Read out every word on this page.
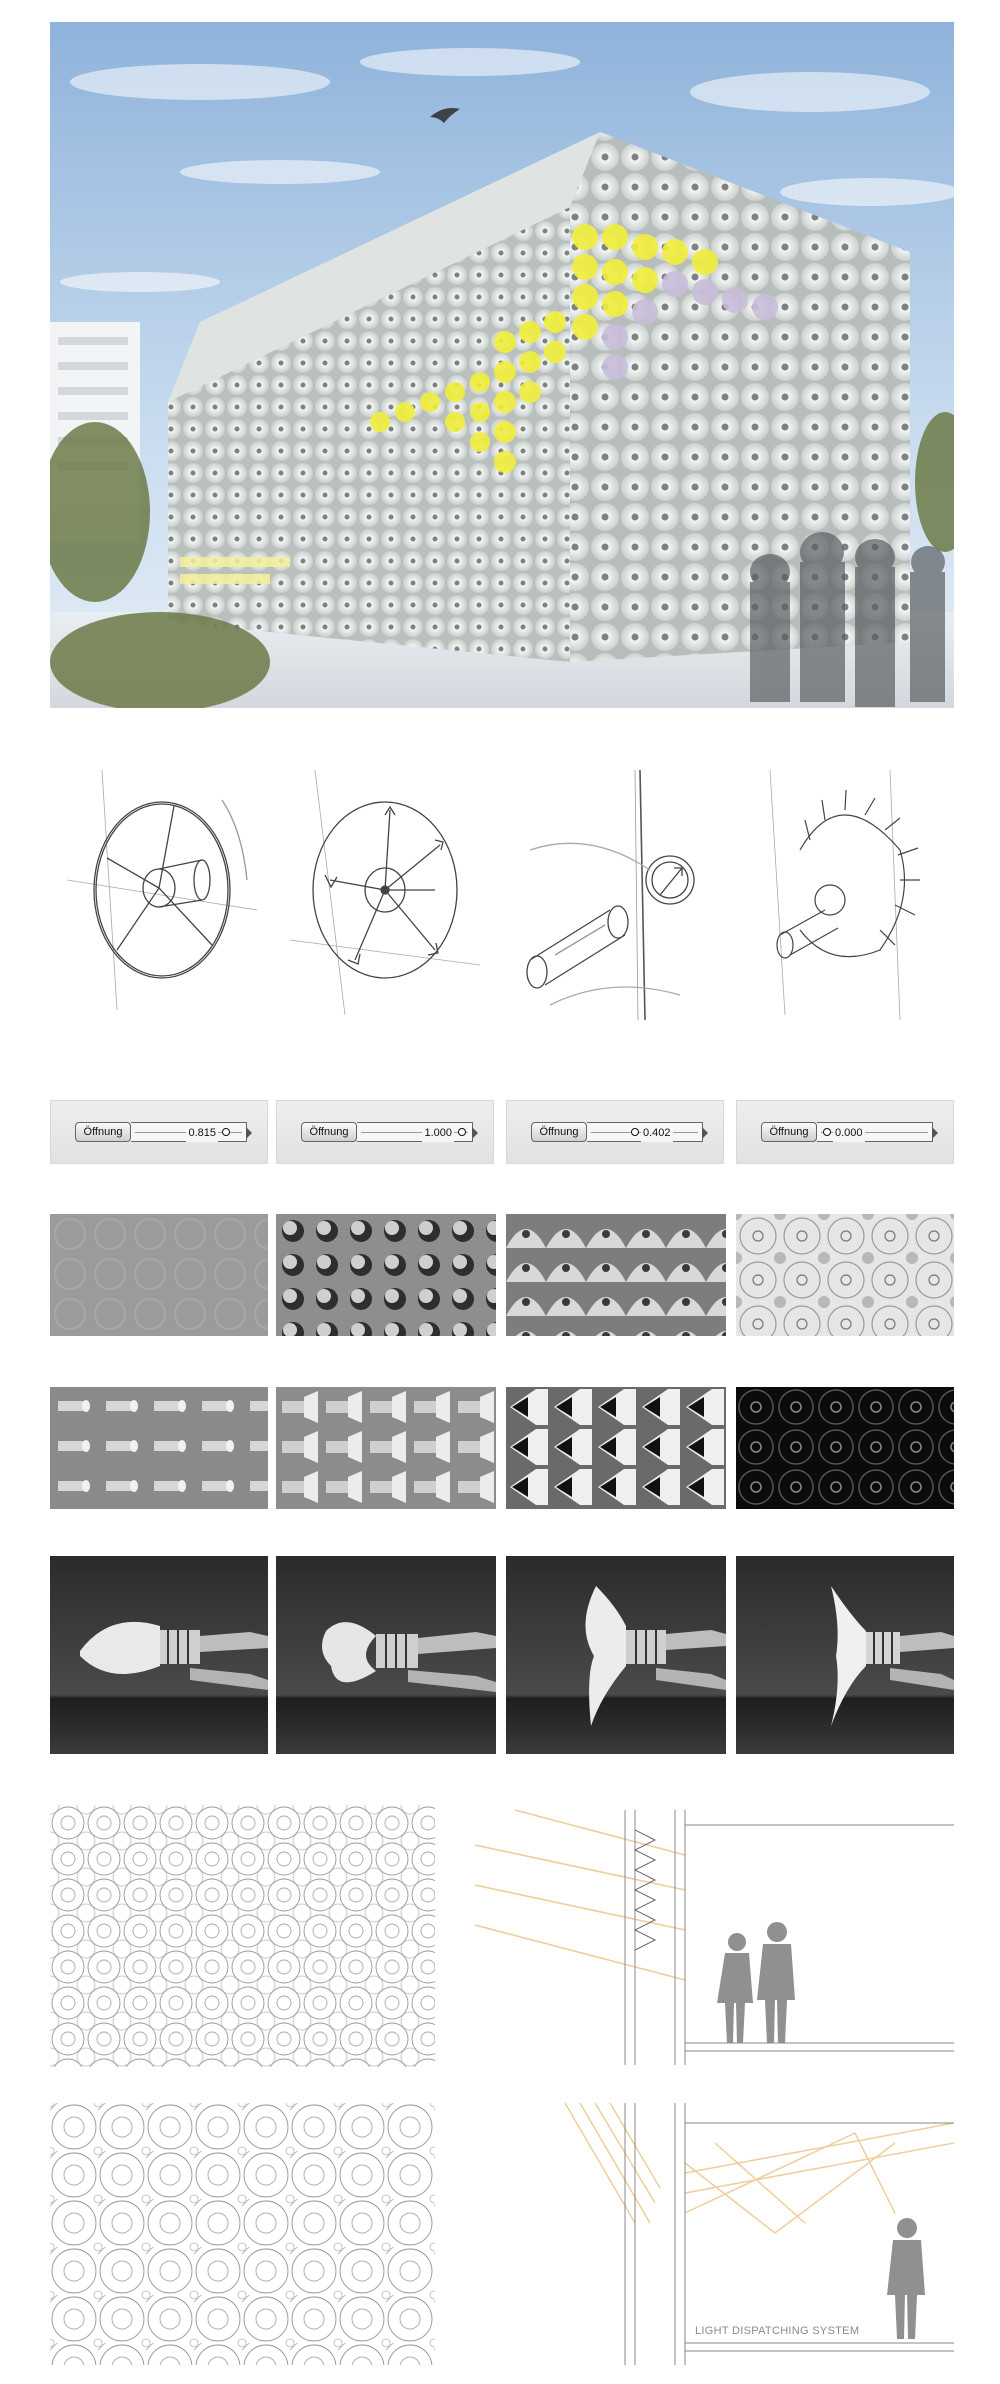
Öffnung	0.815	Öffnung	1.000	Öffnung	0.402	Öffnung	0.000
LIGHT DISPATCHING SYSTEM
